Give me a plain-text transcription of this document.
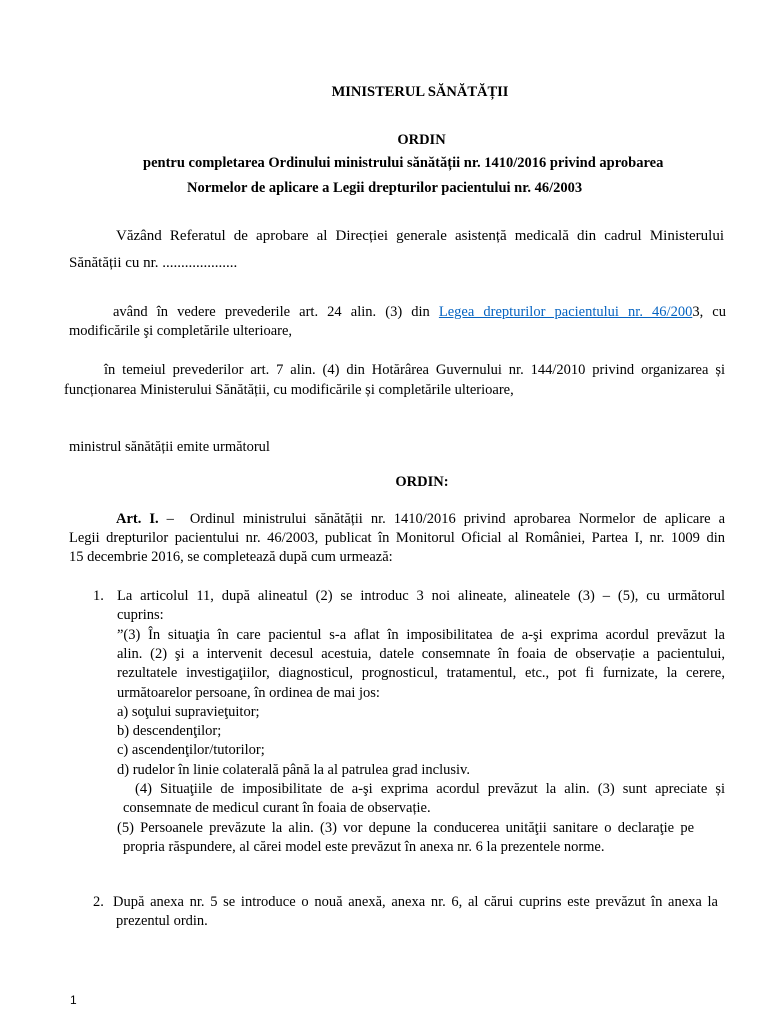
MINISTERUL SĂNĂTĂȚII
ORDIN
pentru completarea Ordinului ministrului sănătății nr. 1410/2016 privind aprobarea
Normelor de aplicare a Legii drepturilor pacientului nr. 46/2003
Văzând Referatul de aprobare al Direcției generale asistență medicală din cadrul Ministerului
Sănătății cu nr. ....................
având în vedere prevederile art. 24 alin. (3) din Legea drepturilor pacientului nr. 46/2003, cu
modificările şi completările ulterioare,
în temeiul prevederilor art. 7 alin. (4) din Hotărârea Guvernului nr. 144/2010 privind organizarea și
funcționarea Ministerului Sănătății, cu modificările și completările ulterioare,
ministrul sănătății emite următorul
ORDIN:
Art. I. –  Ordinul ministrului sănătății nr. 1410/2016 privind aprobarea Normelor de aplicare a
Legii drepturilor pacientului nr. 46/2003, publicat în Monitorul Oficial al României, Partea I, nr. 1009 din
15 decembrie 2016, se completează după cum urmează:
1. La articolul 11, după alineatul (2) se introduc 3 noi alineate, alineatele (3) – (5), cu următorul
cuprins:
”(3) În situaţia în care pacientul s-a aflat în imposibilitatea de a-şi exprima acordul prevăzut la
alin. (2) şi a intervenit decesul acestuia, datele consemnate în foaia de observație a pacientului,
rezultatele investigaţiilor, diagnosticul, prognosticul, tratamentul, etc., pot fi furnizate, la cerere,
următoarelor persoane, în ordinea de mai jos:
a) soţului supravieţuitor;
b) descendenţilor;
c) ascendenţilor/tutorilor;
d) rudelor în linie colaterală până la al patrulea grad inclusiv.
(4) Situaţiile de imposibilitate de a-şi exprima acordul prevăzut la alin. (3) sunt apreciate și
consemnate de medicul curant în foaia de observație.
(5) Persoanele prevăzute la alin. (3) vor depune la conducerea unităţii sanitare o declaraţie pe
propria răspundere, al cărei model este prevăzut în anexa nr. 6 la prezentele norme.
2. După anexa nr. 5 se introduce o nouă anexă, anexa nr. 6, al cărui cuprins este prevăzut în anexa la
prezentul ordin.
1
